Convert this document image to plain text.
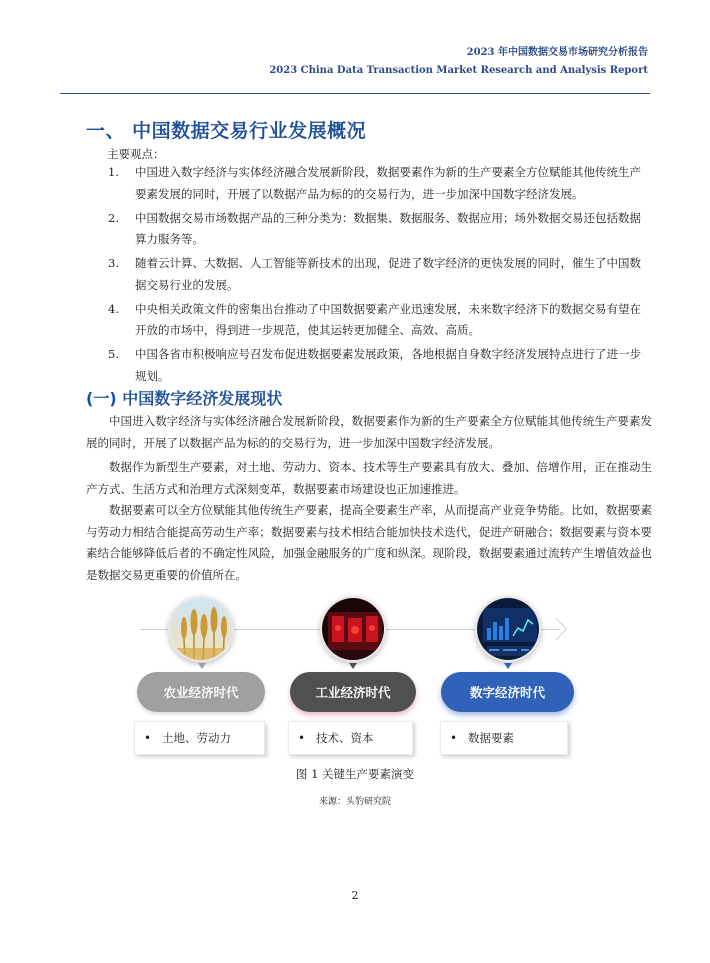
2023 年中国数据交易市场研究分析报告
2023 China Data Transaction Market Research and Analysis Report
一、 中国数据交易行业发展概况
主要观点：
1. 中国进入数字经济与实体经济融合发展新阶段，数据要素作为新的生产要素全方位赋能其他传统生产要素发展的同时，开展了以数据产品为标的的交易行为，进一步加深中国数字经济发展。
2. 中国数据交易市场数据产品的三种分类为：数据集、数据服务、数据应用；场外数据交易还包括数据算力服务等。
3. 随着云计算、大数据、人工智能等新技术的出现，促进了数字经济的更快发展的同时，催生了中国数据交易行业的发展。
4. 中央相关政策文件的密集出台推动了中国数据要素产业迅速发展，未来数字经济下的数据交易有望在开放的市场中，得到进一步规范，使其运转更加健全、高效、高质。
5. 中国各省市积极响应号召发布促进数据要素发展政策，各地根据自身数字经济发展特点进行了进一步规划。
(一) 中国数字经济发展现状

中国进入数字经济与实体经济融合发展新阶段，数据要素作为新的生产要素全方位赋能其他传统生产要素发展的同时，开展了以数据产品为标的的交易行为，进一步加深中国数字经济发展。

数据作为新型生产要素，对土地、劳动力、资本、技术等生产要素具有放大、叠加、倍增作用，正在推动生产方式、生活方式和治理方式深刻变革，数据要素市场建设也正加速推进。

数据要素可以全方位赋能其他传统生产要素，提高全要素生产率，从而提高产业竞争势能。比如，数据要素与劳动力相结合能提高劳动生产率；数据要素与技术相结合能加快技术迭代，促进产研融合；数据要素与资本要素结合能够降低后者的不确定性风险，加强金融服务的广度和纵深。现阶段，数据要素通过流转产生增值效益也是数据交易更重要的价值所在。

农业经济时代	工业经济时代	数字经济时代
• 土地、劳动力	• 技术、资本	• 数据要素
图 1 关键生产要素演变
来源：头豹研究院
2
